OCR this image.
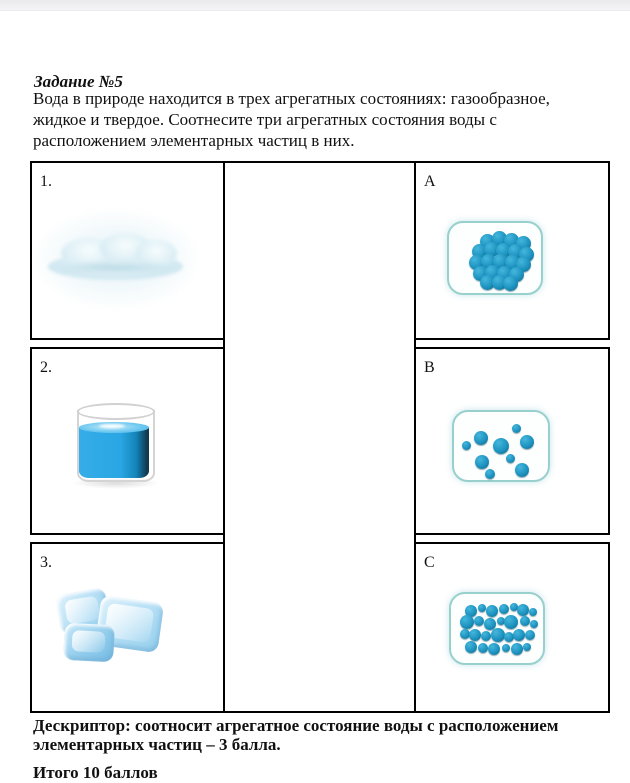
Задание №5
Вода в природе находится в трех агрегатных состояниях: газообразное,
жидкое и твердое. Соотнесите три агрегатных состояния воды с
расположением элементарных частиц в них.
1.
2.
3.
A
B
C
Дескриптор: соотносит агрегатное состояние воды с расположением
элементарных частиц – 3 балла.
Итого 10 баллов
